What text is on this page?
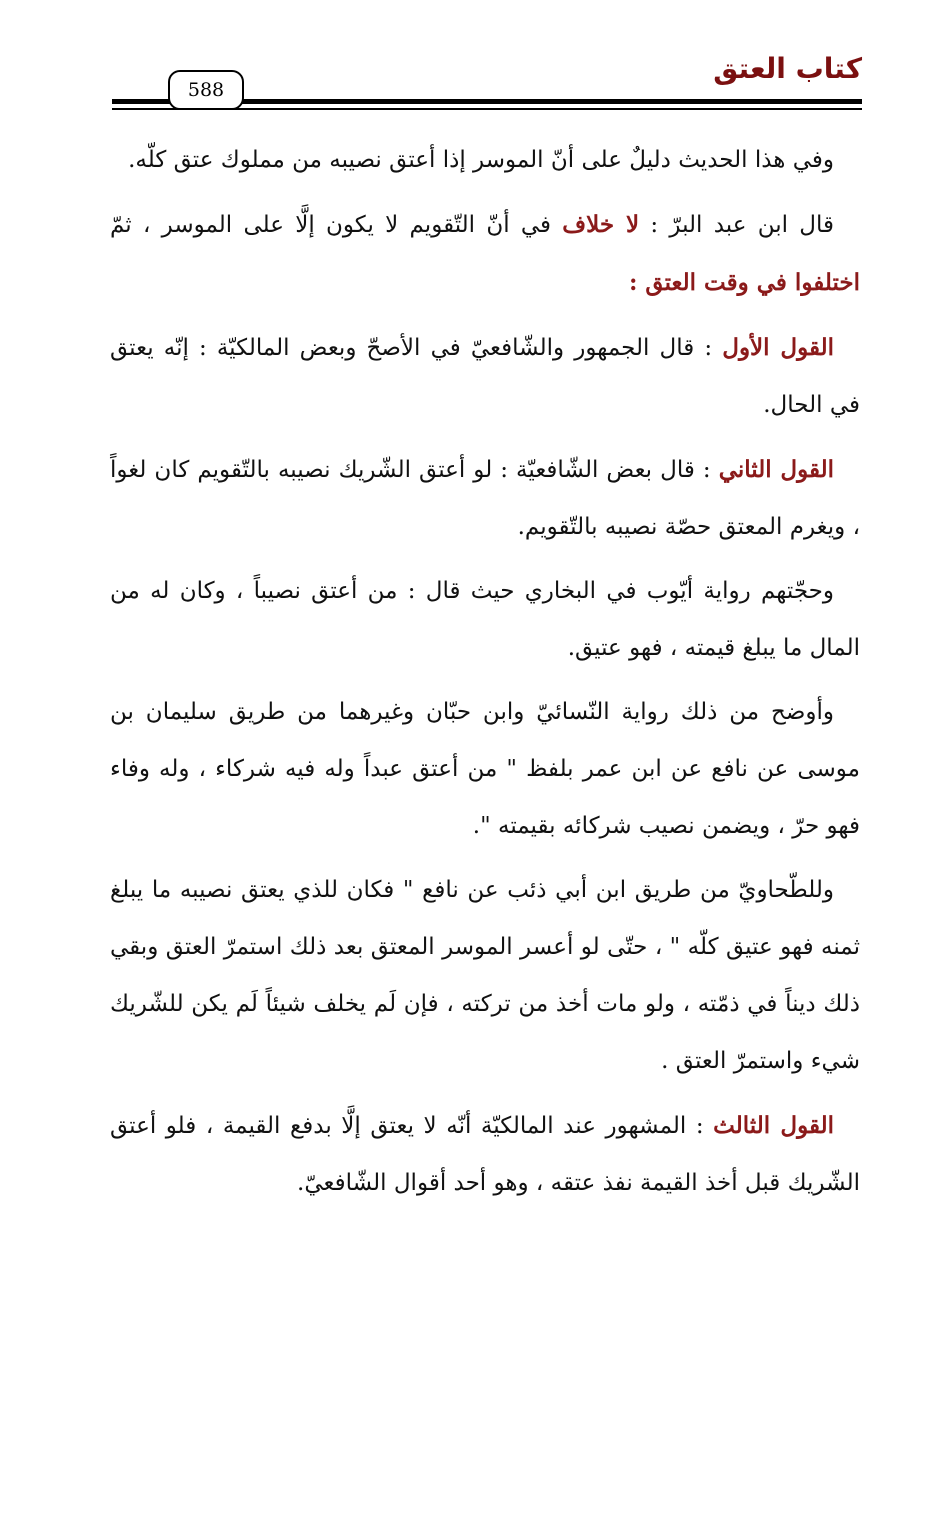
كتاب العتق
588

وفي هذا الحديث دليلٌ على أنّ الموسر إذا أعتق نصيبه من مملوك عتق كلّه.

قال ابن عبد البرّ : لا خلاف في أنّ التّقويم لا يكون إلَّا على الموسر ، ثمّ اختلفوا في وقت العتق :

القول الأول : قال الجمهور والشّافعيّ في الأصحّ وبعض المالكيّة : إنّه يعتق في الحال.

القول الثاني : قال بعض الشّافعيّة : لو أعتق الشّريك نصيبه بالتّقويم كان لغواً ، ويغرم المعتق حصّة نصيبه بالتّقويم.

وحجّتهم رواية أيّوب في البخاري حيث قال : من أعتق نصيباً ، وكان له من المال ما يبلغ قيمته ، فهو عتيق.

وأوضح من ذلك رواية النّسائيّ وابن حبّان وغيرهما من طريق سليمان بن موسى عن نافع عن ابن عمر بلفظ " من أعتق عبداً وله فيه شركاء ، وله وفاء فهو حرّ ، ويضمن نصيب شركائه بقيمته ".

وللطّحاويّ من طريق ابن أبي ذئب عن نافع " فكان للذي يعتق نصيبه ما يبلغ ثمنه فهو عتيق كلّه " ، حتّى لو أعسر الموسر المعتق بعد ذلك استمرّ العتق وبقي ذلك ديناً في ذمّته ، ولو مات أخذ من تركته ، فإن لَم يخلف شيئاً لَم يكن للشّريك شيء واستمرّ العتق .

القول الثالث : المشهور عند المالكيّة أنّه لا يعتق إلَّا بدفع القيمة ، فلو أعتق الشّريك قبل أخذ القيمة نفذ عتقه ، وهو أحد أقوال الشّافعيّ.
